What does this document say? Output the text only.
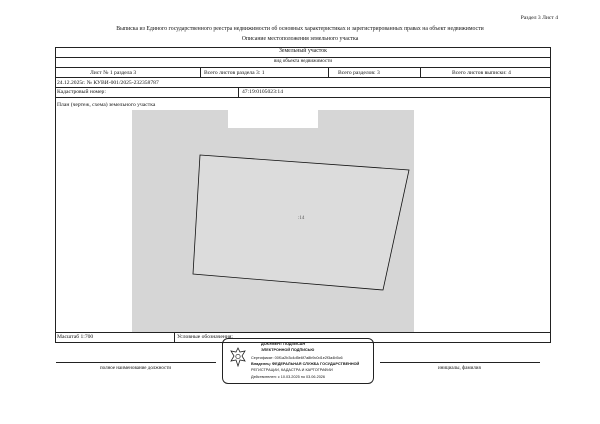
Раздел 3 Лист 4
Выписка из Единого государственного реестра недвижимости об основных характеристиках и зарегистрированных правах на объект недвижимости
Описание местоположения земельного участка
Земельный участок
вид объекта недвижимости
Лист № 1 раздела 3	Всего листов раздела 3: 1	Всего разделов: 3	Всего листов выписки: 4
24.12.2025г. № КУВИ-001/2025-232358787
Кадастровый номер:	47:19:0105023:14
План (чертеж, схема) земельного участка
:14
Масштаб 1:700	Условные обозначения:
полное наименование должности	инициалы, фамилия
ДОКУМЕНТ ПОДПИСАН
ЭЛЕКТРОННОЙ ПОДПИСЬЮ
Сертификат: 00f1a2b3c4d5e6f7a8b9c0d1e2f3a4b5c6
Владелец: ФЕДЕРАЛЬНАЯ СЛУЖБА ГОСУДАРСТВЕННОЙ
РЕГИСТРАЦИИ, КАДАСТРА И КАРТОГРАФИИ
Действителен: с 10.03.2025 по 03.06.2026
